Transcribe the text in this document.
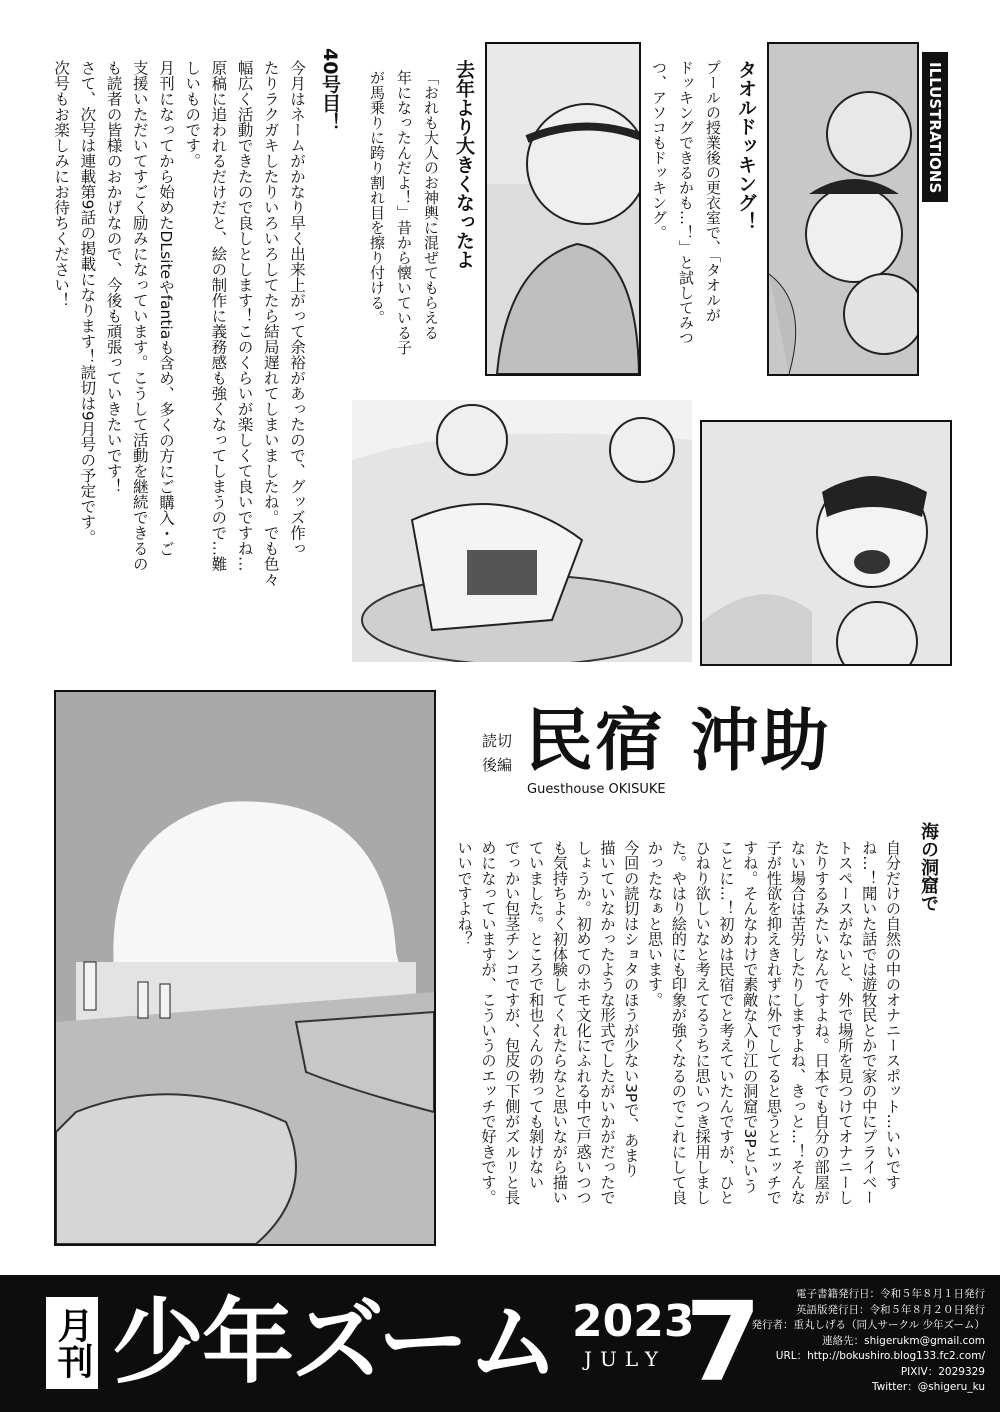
ILLUSTRATIONS
タオルドッキング！
プールの授業後の更衣室で、「タオルが
ドッキングできるかも…！」と試してみつ
つ、アソコもドッキング。
去年より大きくなったよ
「おれも大人のお神輿に混ぜてもらえる
年になったんだよ！」昔から懐いている子
が馬乗りに跨り割れ目を擦り付ける。
40号目！
今月はネームがかなり早く出来上がって余裕があったので、グッズ作っ
たりラクガキしたりいろいろしてたら結局遅れてしまいましたね。でも色々
幅広く活動できたので良しとします！このくらいが楽しくて良いですね…
原稿に追われるだけだと、絵の制作に義務感も強くなってしまうので…難
しいものです。
月刊になってから始めたDLsiteやfantiaも含め、多くの方にご購入・ご
支援いただいてすごく励みになっています。こうして活動を継続できるの
も読者の皆様のおかげなので、今後も頑張っていきたいです！
さて、次号は連載第9話の掲載になります！読切は9月号の予定です。
次号もお楽しみにお待ちください！
読切
後編 民宿 沖助
Guesthouse OKISUKE
海の洞窟で
自分だけの自然の中のオナニースポット…いいです
ね…！聞いた話では遊牧民とかで家の中にプライベー
トスペースがないと、外で場所を見つけてオナニーし
たりするみたいなんですよね。日本でも自分の部屋が
ない場合は苦労したりしますよね、きっと…！そんな
子が性欲を抑えきれずに外でしてると思うとエッチで
すね。そんなわけで素敵な入り江の洞窟で3Pという
ことに…！初めは民宿でと考えていたんですが、ひと
ひねり欲しいなと考えてるうちに思いつき採用しまし
た。やはり絵的にも印象が強くなるのでこれにして良
かったなぁと思います。
今回の読切はショタのほうが少ない3Pで、あまり
描いていなかったような形式でしたがいかがだったで
しょうか。初めてのホモ文化にふれる中で戸惑いつつ
も気持ちよく初体験してくれたらなと思いながら描い
ていました。ところで和也くんの勃っても剝けない
でっかい包茎チンコですが、包皮の下側がズルリと長
めになっていますが、こういうのエッチで好きです。
いいですよね？
月刊 少年ズーム 2023
JULY 7	電子書籍発行日：令和５年８月１日発行
英語版発行日：令和５年８月２０日発行
発行者：重丸しげる（同人サークル 少年ズーム）
連絡先：shigerukm@gmail.com
URL：http://bokushiro.blog133.fc2.com/
PIXIV：2029329
Twitter：@shigeru_ku
